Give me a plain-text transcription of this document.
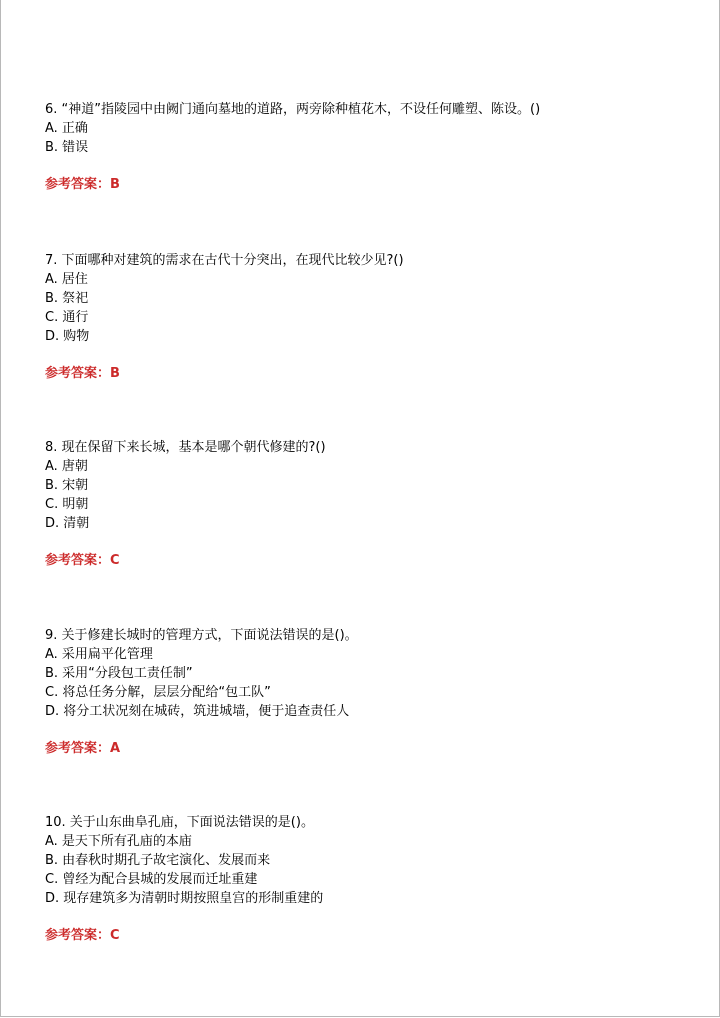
6. “神道”指陵园中由阙门通向墓地的道路，两旁除种植花木，不设任何雕塑、陈设。()
A. 正确
B. 错误
参考答案：B
7. 下面哪种对建筑的需求在古代十分突出，在现代比较少见?()
A. 居住
B. 祭祀
C. 通行
D. 购物
参考答案：B
8. 现在保留下来长城，基本是哪个朝代修建的?()
A. 唐朝
B. 宋朝
C. 明朝
D. 清朝
参考答案：C
9. 关于修建长城时的管理方式，下面说法错误的是()。
A. 采用扁平化管理
B. 采用“分段包工责任制”
C. 将总任务分解，层层分配给“包工队”
D. 将分工状况刻在城砖，筑进城墙，便于追查责任人
参考答案：A
10. 关于山东曲阜孔庙，下面说法错误的是()。
A. 是天下所有孔庙的本庙
B. 由春秋时期孔子故宅演化、发展而来
C. 曾经为配合县城的发展而迁址重建
D. 现存建筑多为清朝时期按照皇宫的形制重建的
参考答案：C
